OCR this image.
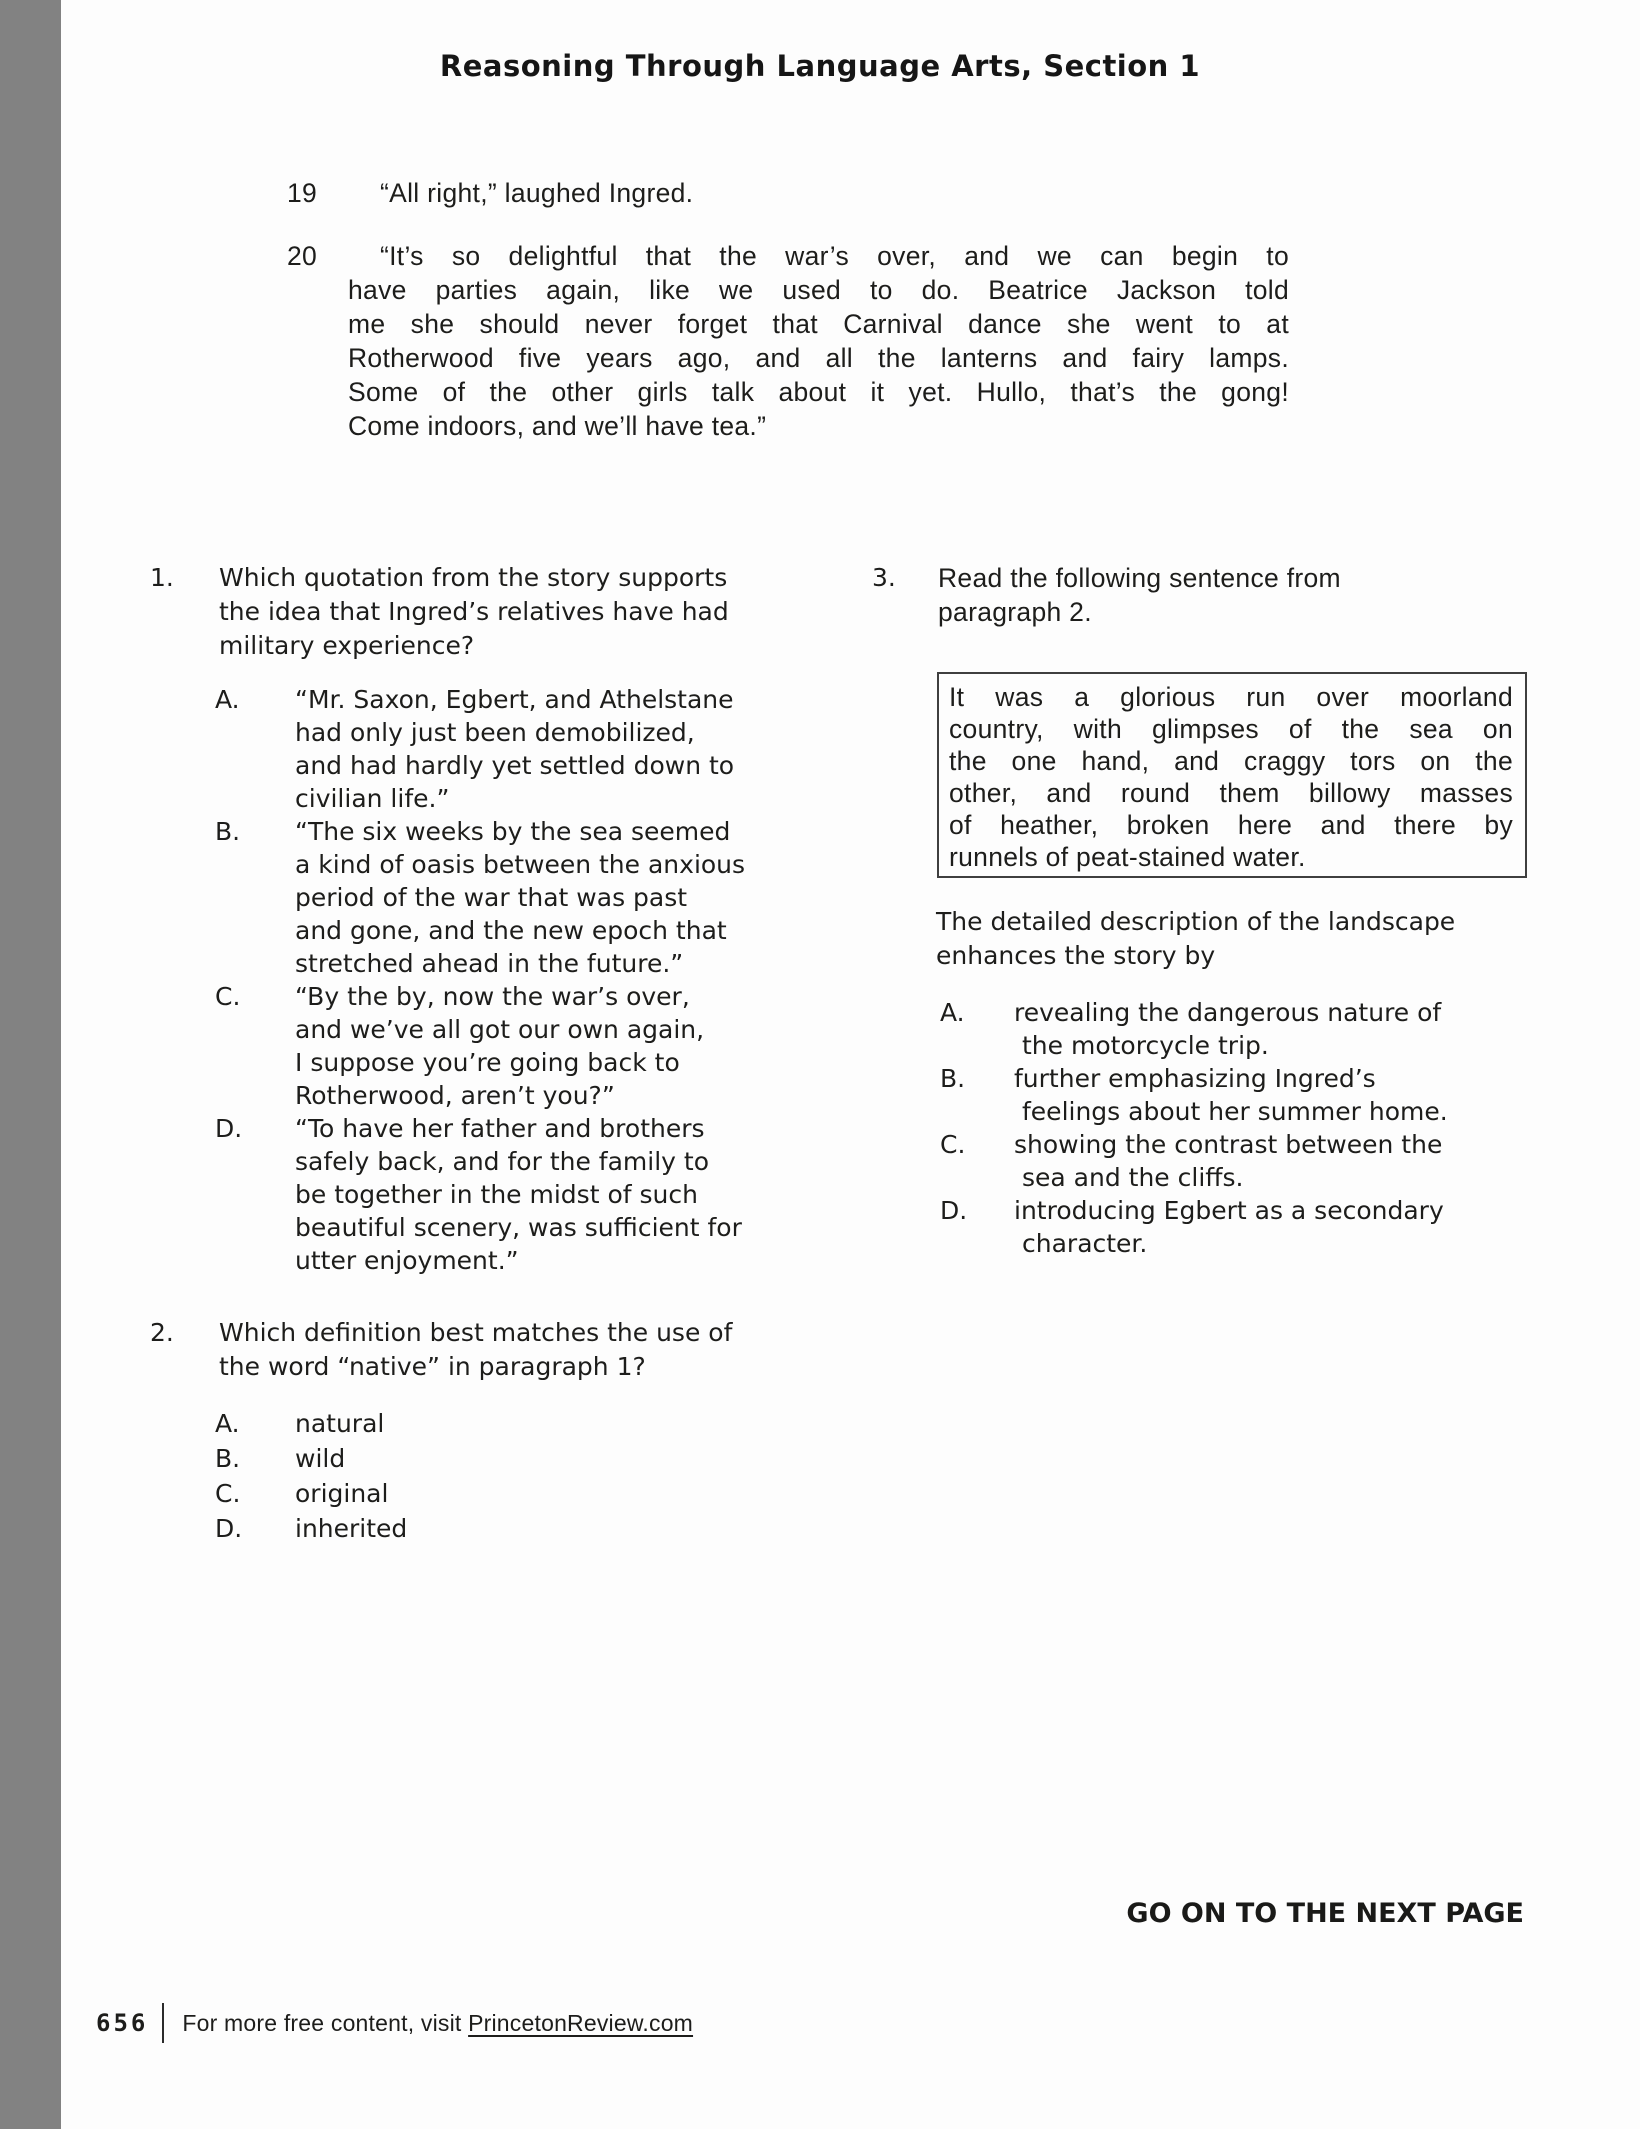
Reasoning Through Language Arts, Section 1
19	“All right,” laughed Ingred.
20	“It’s so delightful that the war’s over, and we can begin to
have parties again, like we used to do. Beatrice Jackson told
me she should never forget that Carnival dance she went to at
Rotherwood five years ago, and all the lanterns and fairy lamps.
Some of the other girls talk about it yet. Hullo, that’s the gong!
Come indoors, and we’ll have tea.”
1.	Which quotation from the story supports
the idea that Ingred’s relatives have had
military experience?
A.	“Mr. Saxon, Egbert, and Athelstane
had only just been demobilized,
and had hardly yet settled down to
civilian life.”
B.	“The six weeks by the sea seemed
a kind of oasis between the anxious
period of the war that was past
and gone, and the new epoch that
stretched ahead in the future.”
C.	“By the by, now the war’s over,
and we’ve all got our own again,
I suppose you’re going back to
Rotherwood, aren’t you?”
D.	“To have her father and brothers
safely back, and for the family to
be together in the midst of such
beautiful scenery, was sufficient for
utter enjoyment.”
2.	Which definition best matches the use of
the word “native” in paragraph 1?
A.	natural
B.	wild
C.	original
D.	inherited
3.	Read the following sentence from
paragraph 2.
It was a glorious run over moorland
country, with glimpses of the sea on
the one hand, and craggy tors on the
other, and round them billowy masses
of heather, broken here and there by
runnels of peat-stained water.
The detailed description of the landscape
enhances the story by
A.	revealing the dangerous nature of
the motorcycle trip.
B.	further emphasizing Ingred’s
feelings about her summer home.
C.	showing the contrast between the
sea and the cliffs.
D.	introducing Egbert as a secondary
character.
GO ON TO THE NEXT PAGE
656 For more free content, visit PrincetonReview.com
